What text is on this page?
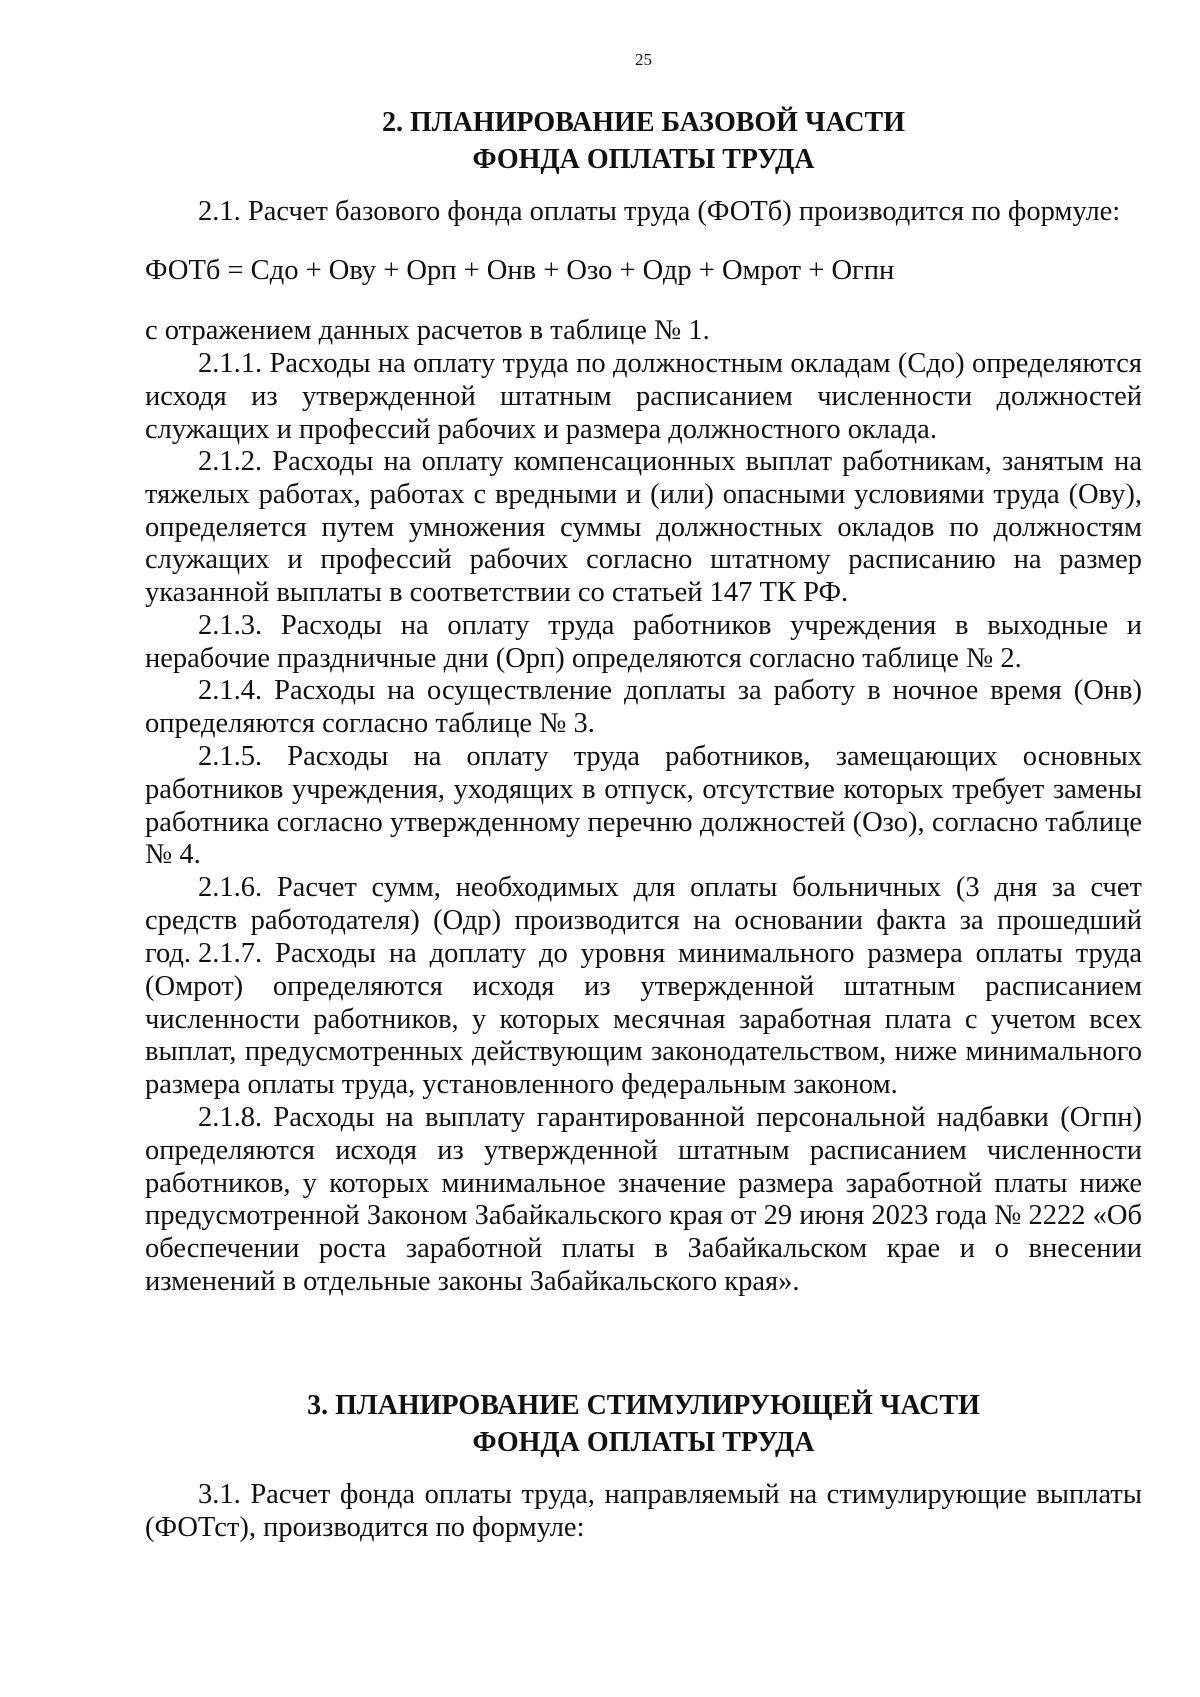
25
2. ПЛАНИРОВАНИЕ БАЗОВОЙ ЧАСТИ
ФОНДА ОПЛАТЫ ТРУДА

2.1. Расчет базового фонда оплаты труда (ФОТб) производится по формуле:

ФОТб = Сдо + Ову + Орп + Онв + Озо + Одр + Омрот + Огпн

с отражением данных расчетов в таблице № 1.

2.1.1. Расходы на оплату труда по должностным окладам (Сдо) определяются исходя из утвержденной штатным расписанием численности должностей служащих и профессий рабочих и размера должностного оклада.

2.1.2. Расходы на оплату компенсационных выплат работникам, занятым на тяжелых работах, работах с вредными и (или) опасными условиями труда (Ову), определяется путем умножения суммы должностных окладов по должностям служащих и профессий рабочих согласно штатному расписанию на размер указанной выплаты в соответствии со статьей 147 ТК РФ.

2.1.3. Расходы на оплату труда работников учреждения в выходные и нерабочие праздничные дни (Орп) определяются согласно таблице № 2.

2.1.4. Расходы на осуществление доплаты за работу в ночное время (Онв) определяются согласно таблице № 3.

2.1.5. Расходы на оплату труда работников, замещающих основных работников учреждения, уходящих в отпуск, отсутствие которых требует замены работника согласно утвержденному перечню должностей (Озо), согласно таблице № 4.

2.1.6. Расчет сумм, необходимых для оплаты больничных (3 дня за счет средств работодателя) (Одр) производится на основании факта за прошедший год. 2.1.7. Расходы на доплату до уровня минимального размера оплаты труда (Омрот) определяются исходя из утвержденной штатным расписанием численности работников, у которых месячная заработная плата с учетом всех выплат, предусмотренных действующим законодательством, ниже минимального размера оплаты труда, установленного федеральным законом.

2.1.8. Расходы на выплату гарантированной персональной надбавки (Огпн) определяются исходя из утвержденной штатным расписанием численности работников, у которых минимальное значение размера заработной платы ниже предусмотренной Законом Забайкальского края от 29 июня 2023 года № 2222 «Об обеспечении роста заработной платы в Забайкальском крае и о внесении изменений в отдельные законы Забайкальского края».

3. ПЛАНИРОВАНИЕ СТИМУЛИРУЮЩЕЙ ЧАСТИ
ФОНДА ОПЛАТЫ ТРУДА

3.1. Расчет фонда оплаты труда, направляемый на стимулирующие выплаты (ФОТст), производится по формуле:
